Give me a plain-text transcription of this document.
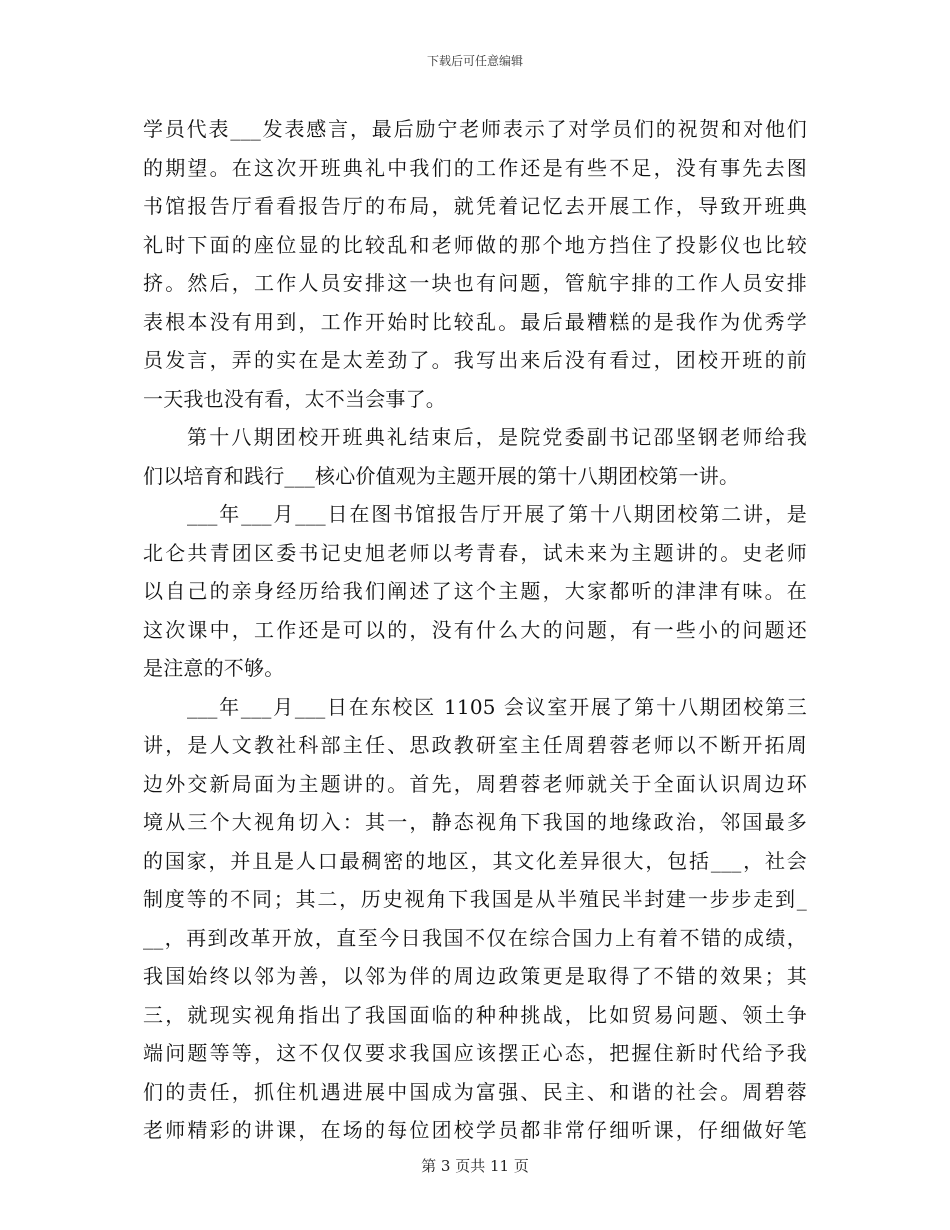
下载后可任意编辑
学员代表___发表感言，最后励宁老师表示了对学员们的祝贺和对他们
的期望。在这次开班典礼中我们的工作还是有些不足，没有事先去图
书馆报告厅看看报告厅的布局，就凭着记忆去开展工作，导致开班典
礼时下面的座位显的比较乱和老师做的那个地方挡住了投影仪也比较
挤。然后，工作人员安排这一块也有问题，管航宇排的工作人员安排
表根本没有用到，工作开始时比较乱。最后最糟糕的是我作为优秀学
员发言，弄的实在是太差劲了。我写出来后没有看过，团校开班的前
一天我也没有看，太不当会事了。
第十八期团校开班典礼结束后，是院党委副书记邵坚钢老师给我
们以培育和践行___核心价值观为主题开展的第十八期团校第一讲。
___年___月___日在图书馆报告厅开展了第十八期团校第二讲，是
北仑共青团区委书记史旭老师以考青春，试未来为主题讲的。史老师
以自己的亲身经历给我们阐述了这个主题，大家都听的津津有味。在
这次课中，工作还是可以的，没有什么大的问题，有一些小的问题还
是注意的不够。
___年___月___日在东校区 1105 会议室开展了第十八期团校第三
讲，是人文教社科部主任、思政教研室主任周碧蓉老师以不断开拓周
边外交新局面为主题讲的。首先，周碧蓉老师就关于全面认识周边环
境从三个大视角切入：其一，静态视角下我国的地缘政治，邻国最多
的国家，并且是人口最稠密的地区，其文化差异很大，包括___，社会
制度等的不同；其二，历史视角下我国是从半殖民半封建一步步走到_
__，再到改革开放，直至今日我国不仅在综合国力上有着不错的成绩，
我国始终以邻为善，以邻为伴的周边政策更是取得了不错的效果；其
三，就现实视角指出了我国面临的种种挑战，比如贸易问题、领土争
端问题等等，这不仅仅要求我国应该摆正心态，把握住新时代给予我
们的责任，抓住机遇进展中国成为富强、民主、和谐的社会。周碧蓉
老师精彩的讲课，在场的每位团校学员都非常仔细听课，仔细做好笔
第 3 页共 11 页
